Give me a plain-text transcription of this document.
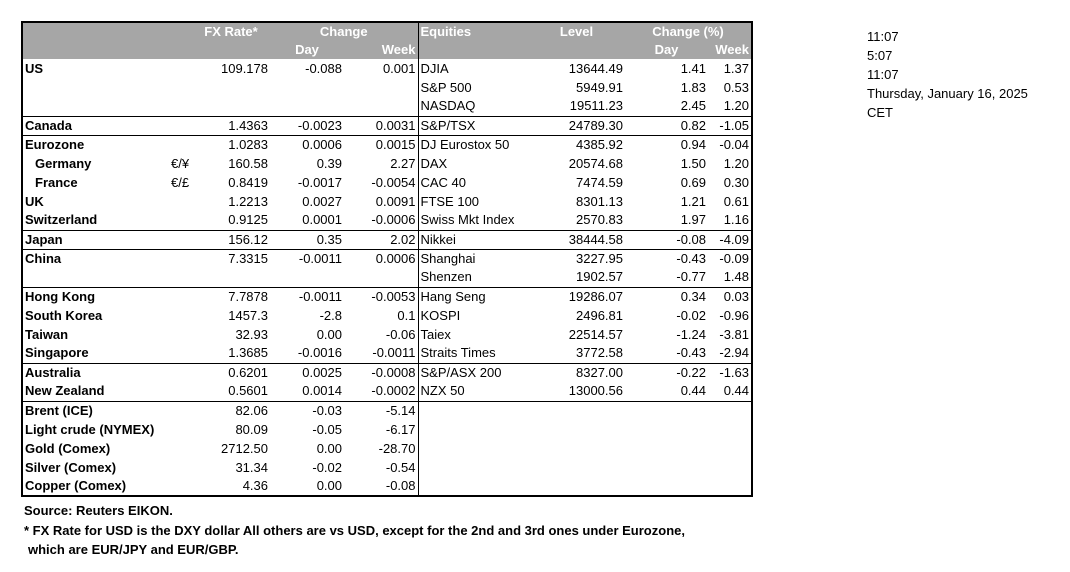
		FX Rate*	Change		Equities	Level	Change (%)	
			Day	Week			Day	Week
US		109.178	-0.088	0.001	DJIA	13644.49	1.41	1.37
					S&P 500	5949.91	1.83	0.53
					NASDAQ	19511.23	2.45	1.20
Canada		1.4363	-0.0023	0.0031	S&P/TSX	24789.30	0.82	-1.05
Eurozone		1.0283	0.0006	0.0015	DJ Eurostox 50	4385.92	0.94	-0.04
Germany	€/¥	160.58	0.39	2.27	DAX	20574.68	1.50	1.20
France	€/£	0.8419	-0.0017	-0.0054	CAC 40	7474.59	0.69	0.30
UK		1.2213	0.0027	0.0091	FTSE 100	8301.13	1.21	0.61
Switzerland		0.9125	0.0001	-0.0006	Swiss Mkt Index	2570.83	1.97	1.16
Japan		156.12	0.35	2.02	Nikkei	38444.58	-0.08	-4.09
China		7.3315	-0.0011	0.0006	Shanghai	3227.95	-0.43	-0.09
					Shenzen	1902.57	-0.77	1.48
Hong Kong		7.7878	-0.0011	-0.0053	Hang Seng	19286.07	0.34	0.03
South Korea		1457.3	-2.8	0.1	KOSPI	2496.81	-0.02	-0.96
Taiwan		32.93	0.00	-0.06	Taiex	22514.57	-1.24	-3.81
Singapore		1.3685	-0.0016	-0.0011	Straits Times	3772.58	-0.43	-2.94
Australia		0.6201	0.0025	-0.0008	S&P/ASX 200	8327.00	-0.22	-1.63
New Zealand		0.5601	0.0014	-0.0002	NZX 50	13000.56	0.44	0.44
Brent (ICE)		82.06	-0.03	-5.14				
Light crude (NYMEX)		80.09	-0.05	-6.17				
Gold (Comex)		2712.50	0.00	-28.70				
Silver (Comex)		31.34	-0.02	-0.54				
Copper (Comex)		4.36	0.00	-0.08				
11:07
5:07
11:07
Thursday, January 16, 2025
CET
Source: Reuters EIKON.
* FX Rate for USD is the DXY dollar All others are vs USD, except for the 2nd and 3rd ones under Eurozone,
which are EUR/JPY and EUR/GBP.
